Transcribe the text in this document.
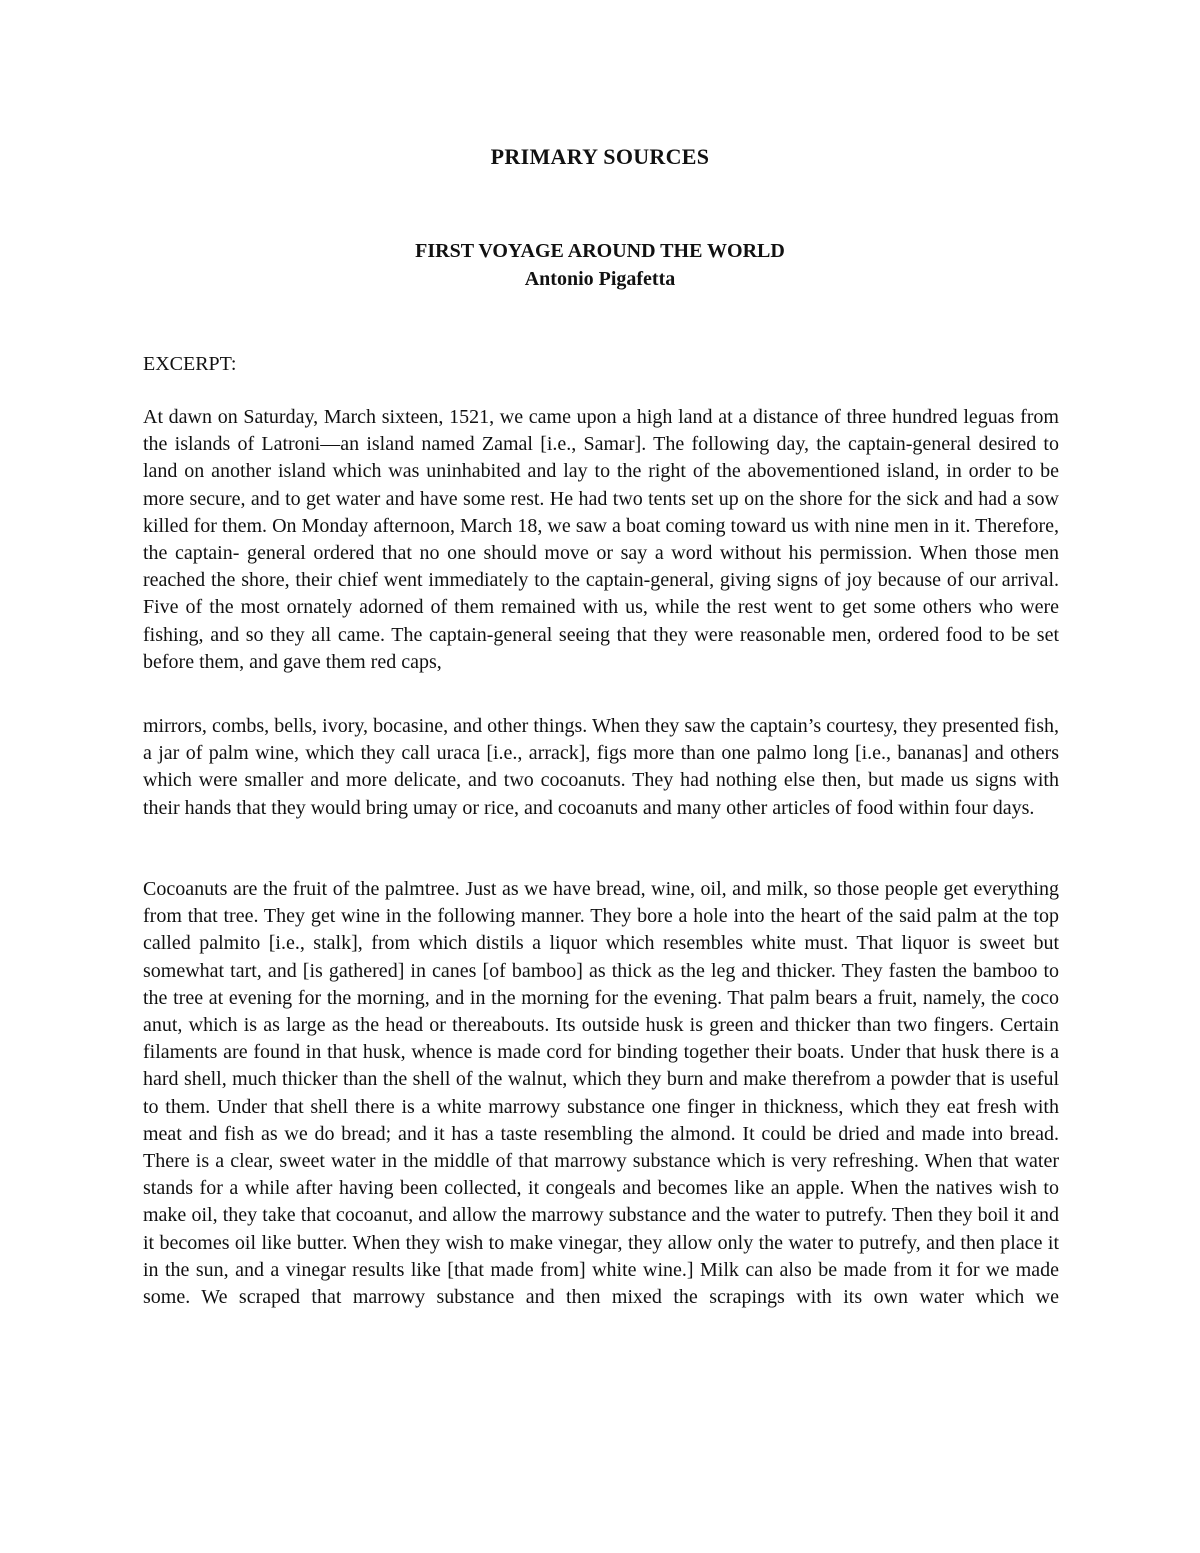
PRIMARY SOURCES
FIRST VOYAGE AROUND THE WORLD
Antonio Pigafetta
EXCERPT:

At dawn on Saturday, March sixteen, 1521, we came upon a high land at a distance of three hundred leguas from the islands of Latroni—an island named Zamal [i.e., Samar]. The following day, the captain-general desired to land on another island which was uninhabited and lay to the right of the abovementioned island, in order to be more secure, and to get water and have some rest. He had two tents set up on the shore for the sick and had a sow killed for them. On Monday afternoon, March 18, we saw a boat coming toward us with nine men in it. Therefore, the captain- general ordered that no one should move or say a word without his permission. When those men reached the shore, their chief went immediately to the captain-general, giving signs of joy because of our arrival. Five of the most ornately adorned of them remained with us, while the rest went to get some others who were fishing, and so they all came. The captain-general seeing that they were reasonable men, ordered food to be set before them, and gave them red caps,

mirrors, combs, bells, ivory, bocasine, and other things. When they saw the captain’s courtesy, they presented fish, a jar of palm wine, which they call uraca [i.e., arrack], figs more than one palmo long [i.e., bananas] and others which were smaller and more delicate, and two cocoanuts. They had nothing else then, but made us signs with their hands that they would bring umay or rice, and cocoanuts and many other articles of food within four days.

Cocoanuts are the fruit of the palmtree. Just as we have bread, wine, oil, and milk, so those people get everything from that tree. They get wine in the following manner. They bore a hole into the heart of the said palm at the top called palmito [i.e., stalk], from which distils a liquor which resembles white must. That liquor is sweet but somewhat tart, and [is gathered] in canes [of bamboo] as thick as the leg and thicker. They fasten the bamboo to the tree at evening for the morning, and in the morning for the evening. That palm bears a fruit, namely, the coco anut, which is as large as the head or thereabouts. Its outside husk is green and thicker than two fingers. Certain filaments are found in that husk, whence is made cord for binding together their boats. Under that husk there is a hard shell, much thicker than the shell of the walnut, which they burn and make therefrom a powder that is useful to them. Under that shell there is a white marrowy substance one finger in thickness, which they eat fresh with meat and fish as we do bread; and it has a taste resembling the almond. It could be dried and made into bread. There is a clear, sweet water in the middle of that marrowy substance which is very refreshing. When that water stands for a while after having been collected, it congeals and becomes like an apple. When the natives wish to make oil, they take that cocoanut, and allow the marrowy substance and the water to putrefy. Then they boil it and it becomes oil like butter. When they wish to make vinegar, they allow only the water to putrefy, and then place it in the sun, and a vinegar results like [that made from] white wine.] Milk can also be made from it for we made some. We scraped that marrowy substance and then mixed the scrapings with its own water which we
